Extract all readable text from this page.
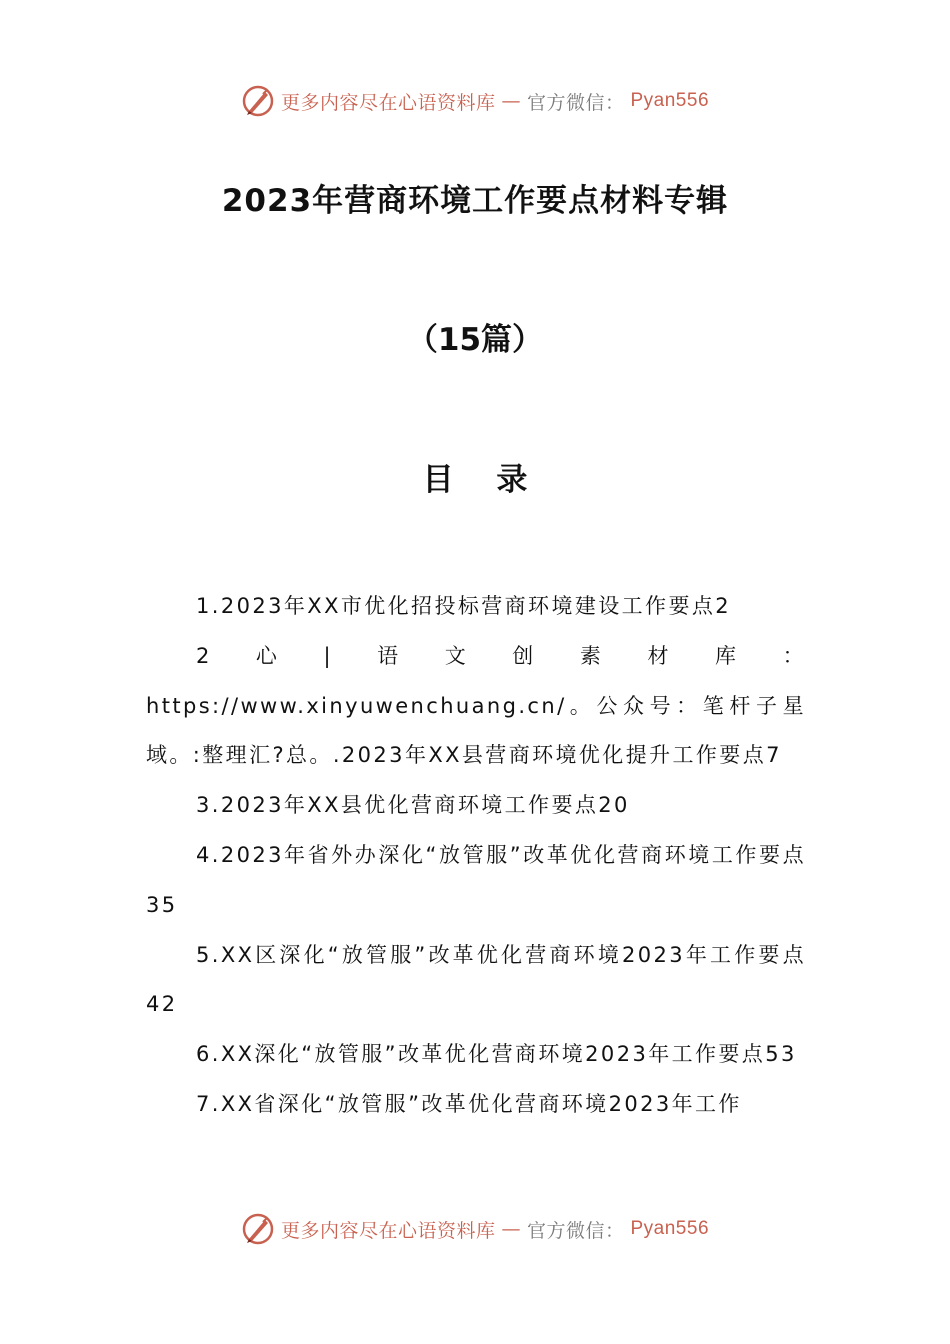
更多内容尽在心语资料库 — 官方微信： Pyan556
2023年营商环境工作要点材料专辑
（15篇）
目 录
1.2023年XX市优化招投标营商环境建设工作要点2
2心|语文创素材库：https://www.xinyuwenchuang.cn/。公众号：笔杆子星域。:整理汇?总。.2023年XX县营商环境优化提升工作要点7
3.2023年XX县优化营商环境工作要点20
4.2023年省外办深化“放管服”改革优化营商环境工作要点35
5.XX区深化“放管服”改革优化营商环境2023年工作要点42
6.XX深化“放管服”改革优化营商环境2023年工作要点53
7.XX省深化“放管服”改革优化营商环境2023年工作
更多内容尽在心语资料库 — 官方微信： Pyan556
